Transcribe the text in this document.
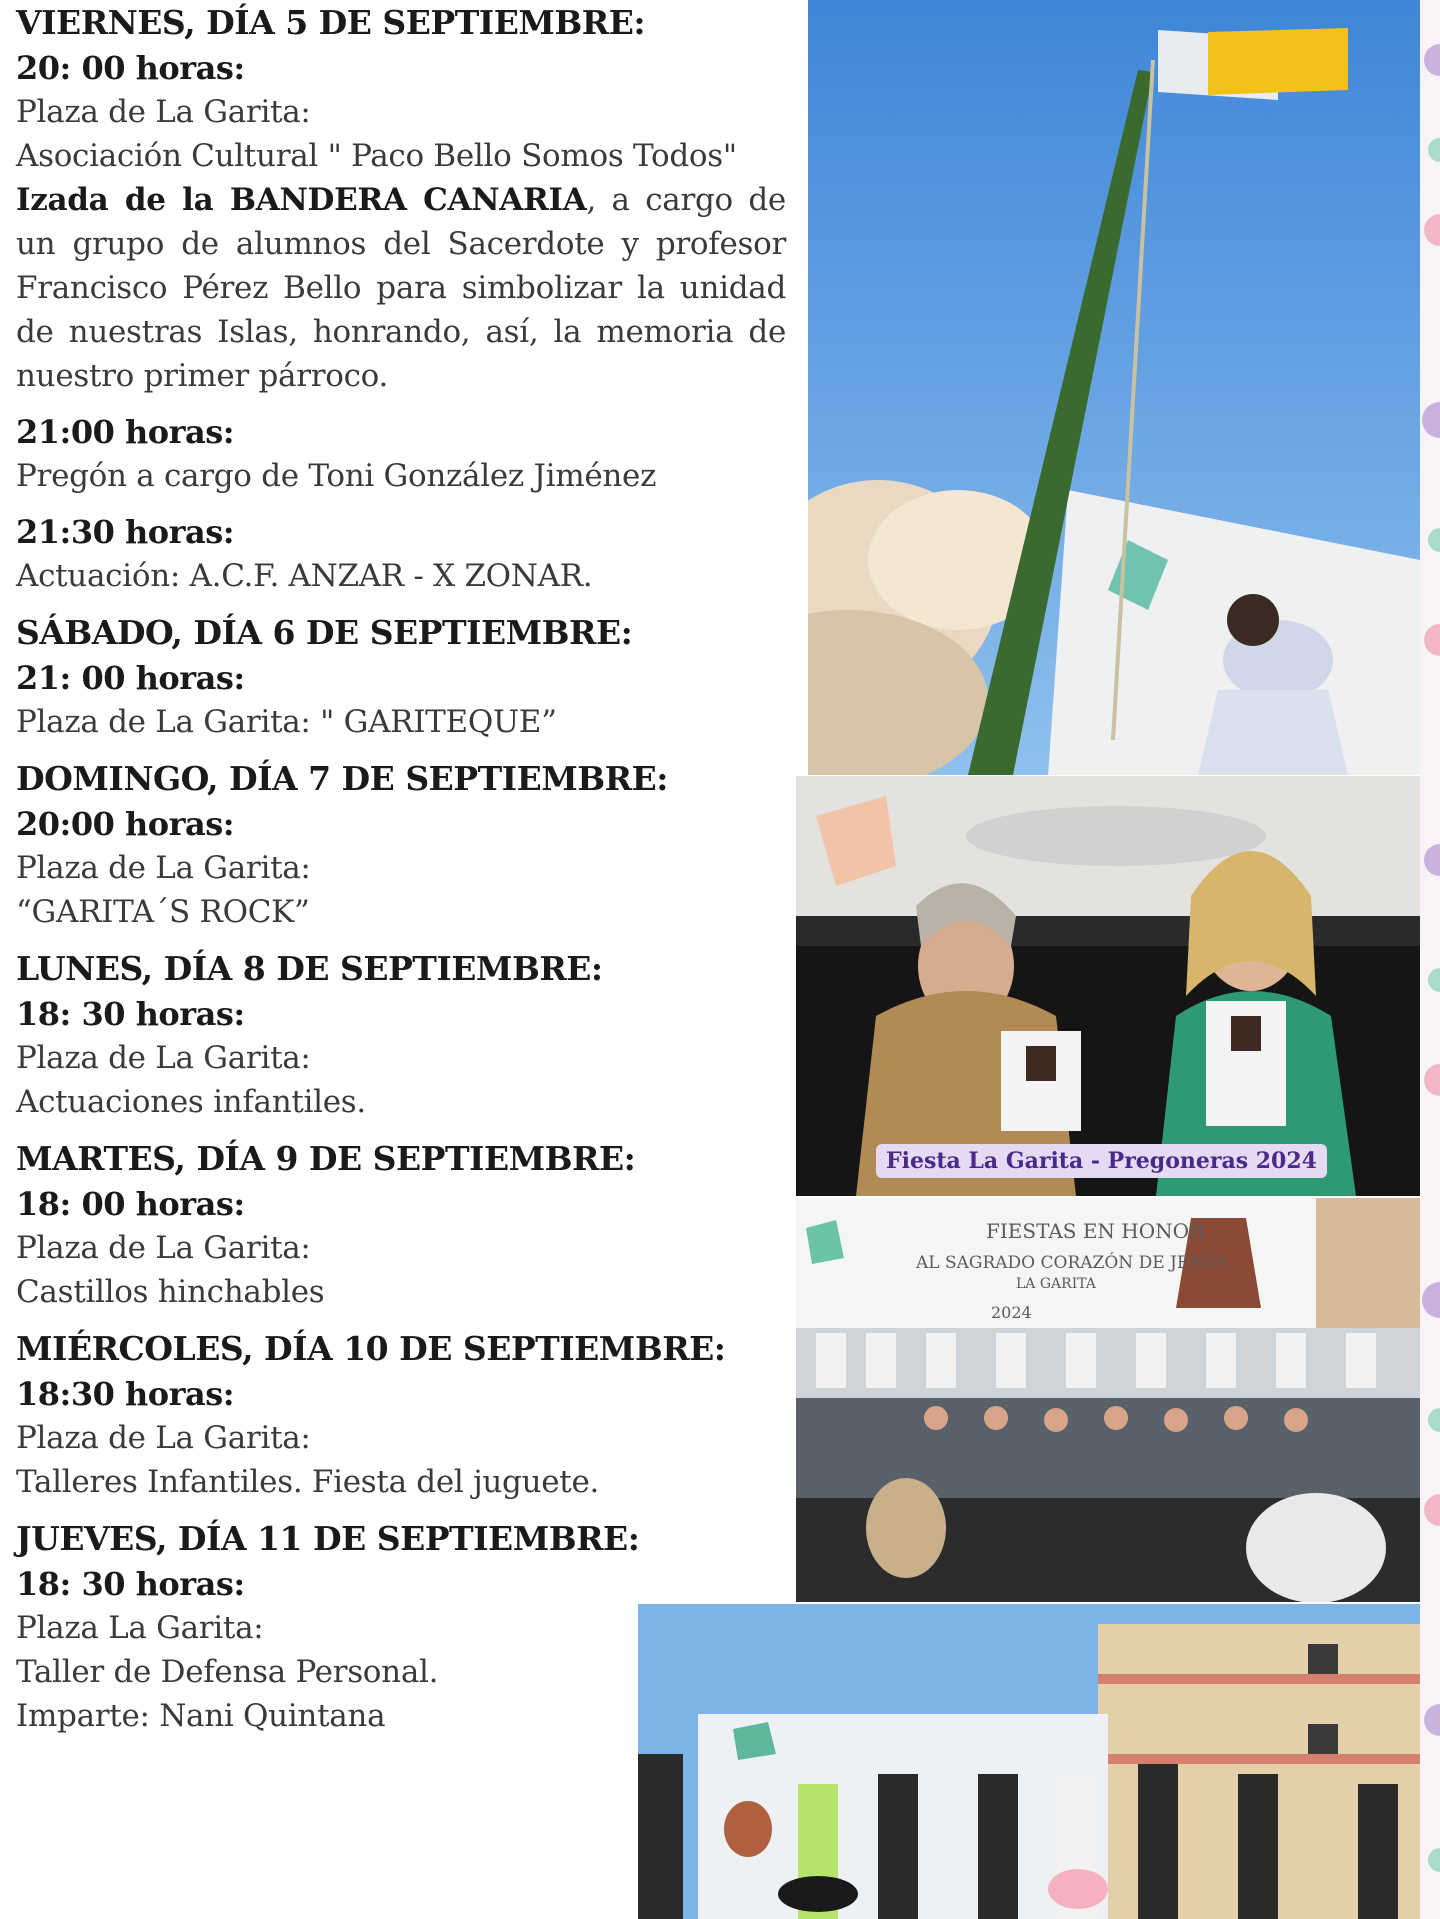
VIERNES, DÍA 5 DE SEPTIEMBRE:

20: 00 horas:

Plaza de La Garita:

Asociación Cultural " Paco Bello Somos Todos"

Izada de la BANDERA CANARIA, a cargo de un grupo de alumnos del Sacerdote y profesor Francisco Pérez Bello para simbolizar la unidad de nuestras Islas, honrando, así, la memoria de nuestro primer párroco.

21:00 horas:

Pregón a cargo de Toni González Jiménez

21:30 horas:

Actuación: A.C.F. ANZAR - X ZONAR.

SÁBADO, DÍA 6 DE SEPTIEMBRE:

21: 00 horas:

Plaza de La Garita: " GARITEQUE”

DOMINGO, DÍA 7 DE SEPTIEMBRE:

20:00 horas:

Plaza de La Garita:

“GARITA´S ROCK”

LUNES, DÍA 8 DE SEPTIEMBRE:

18: 30 horas:

Plaza de La Garita:

Actuaciones infantiles.

MARTES, DÍA 9 DE SEPTIEMBRE:

18: 00 horas:

Plaza de La Garita:

Castillos hinchables

MIÉRCOLES, DÍA 10 DE SEPTIEMBRE:

18:30 horas:

Plaza de La Garita:

Talleres Infantiles. Fiesta del juguete.

JUEVES, DÍA 11 DE SEPTIEMBRE:

18: 30 horas:

Plaza La Garita:

Taller de Defensa Personal.

Imparte: Nani Quintana

Fiesta La Garita - Pregoneras 2024
FIESTAS EN HONOR
AL SAGRADO CORAZÓN DE JESÚS
LA GARITA
2024
